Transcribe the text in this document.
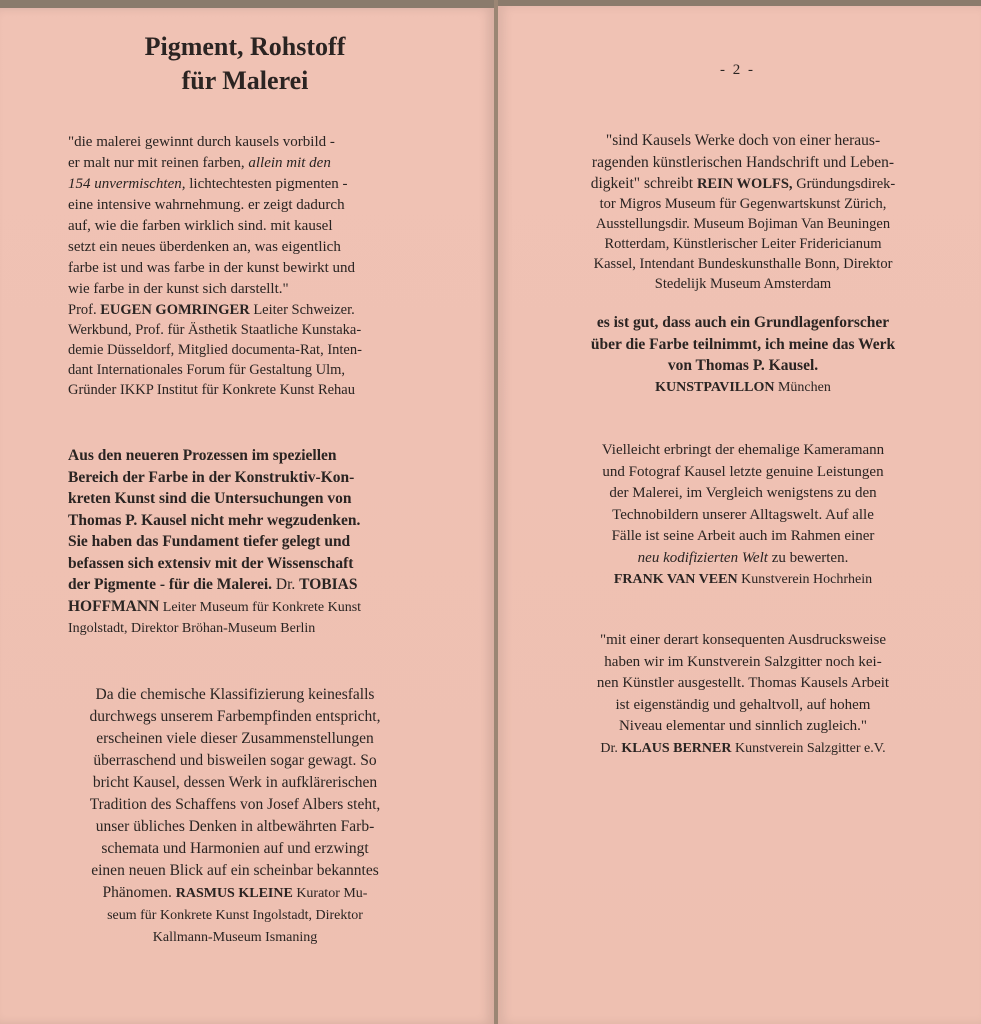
Pigment, Rohstoff
für Malerei

"die malerei gewinnt durch kausels vorbild -

er malt nur mit reinen farben, allein mit den

154 unvermischten, lichtechtesten pigmenten -

eine intensive wahrnehmung. er zeigt dadurch

auf, wie die farben wirklich sind. mit kausel

setzt ein neues überdenken an, was eigentlich

farbe ist und was farbe in der kunst bewirkt und

wie farbe in der kunst sich darstellt."

Prof. EUGEN GOMRINGER Leiter Schweizer.

Werkbund, Prof. für Ästhetik Staatliche Kunstaka-

demie Düsseldorf, Mitglied documenta-Rat, Inten-

dant Internationales Forum für Gestaltung Ulm,

Gründer IKKP Institut für Konkrete Kunst Rehau

Aus den neueren Prozessen im speziellen

Bereich der Farbe in der Konstruktiv-Kon-

kreten Kunst sind die Untersuchungen von

Thomas P. Kausel nicht mehr wegzudenken.

Sie haben das Fundament tiefer gelegt und

befassen sich extensiv mit der Wissenschaft

der Pigmente - für die Malerei. Dr. TOBIAS

HOFFMANN Leiter Museum für Konkrete Kunst

Ingolstadt, Direktor Bröhan-Museum Berlin

Da die chemische Klassifizierung keinesfalls

durchwegs unserem Farbempfinden entspricht,

erscheinen viele dieser Zusammenstellungen

überraschend und bisweilen sogar gewagt. So

bricht Kausel, dessen Werk in aufklärerischen

Tradition des Schaffens von Josef Albers steht,

unser übliches Denken in altbewährten Farb-

schemata und Harmonien auf und erzwingt

einen neuen Blick auf ein scheinbar bekanntes

Phänomen. RASMUS KLEINE Kurator Mu-

seum für Konkrete Kunst Ingolstadt, Direktor

Kallmann-Museum Ismaning

- 2 -

"sind Kausels Werke doch von einer heraus-

ragenden künstlerischen Handschrift und Leben-

digkeit" schreibt REIN WOLFS, Gründungsdirek-

tor Migros Museum für Gegenwartskunst Zürich,

Ausstellungsdir. Museum Bojiman Van Beuningen

Rotterdam, Künstlerischer Leiter Fridericianum

Kassel, Intendant Bundeskunsthalle Bonn, Direktor

Stedelijk Museum Amsterdam

es ist gut, dass auch ein Grundlagenforscher

über die Farbe teilnimmt, ich meine das Werk

von Thomas P. Kausel.

KUNSTPAVILLON München

Vielleicht erbringt der ehemalige Kameramann

und Fotograf Kausel letzte genuine Leistungen

der Malerei, im Vergleich wenigstens zu den

Technobildern unserer Alltagswelt. Auf alle

Fälle ist seine Arbeit auch im Rahmen einer

neu kodifizierten Welt zu bewerten.

FRANK VAN VEEN Kunstverein Hochrhein

"mit einer derart konsequenten Ausdrucksweise

haben wir im Kunstverein Salzgitter noch kei-

nen Künstler ausgestellt. Thomas Kausels Arbeit

ist eigenständig und gehaltvoll, auf hohem

Niveau elementar und sinnlich zugleich."

Dr. KLAUS BERNER Kunstverein Salzgitter e.V.
